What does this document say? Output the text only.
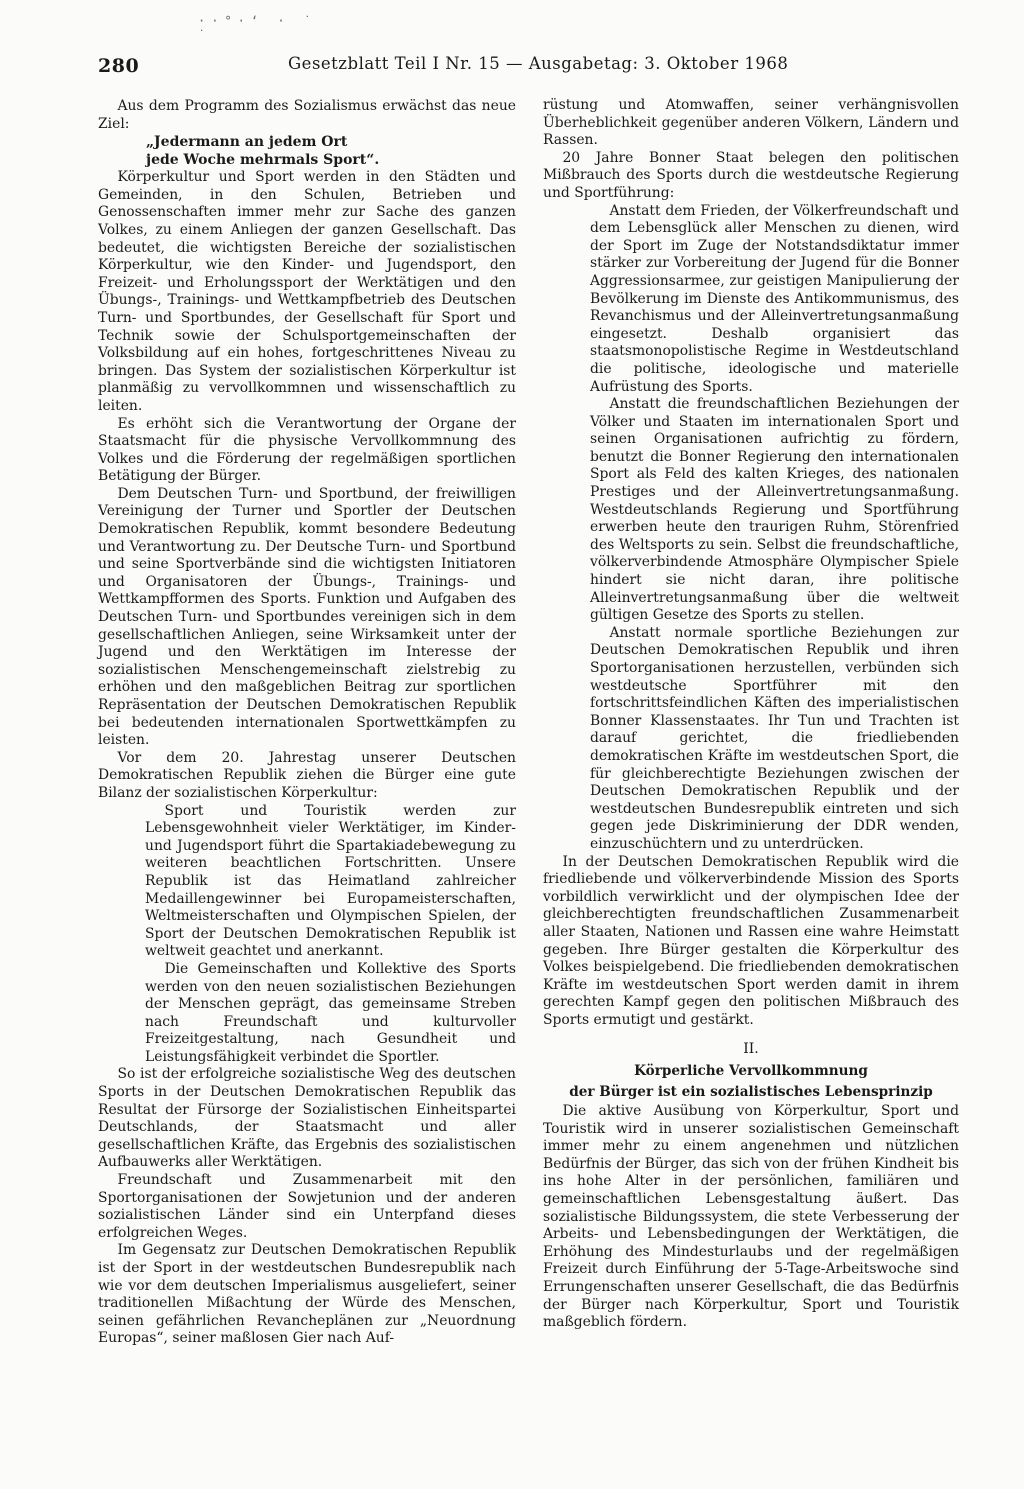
··°·‘ · ˙ ˙
280	Gesetzblatt Teil I Nr. 15 — Ausgabetag: 3. Oktober 1968

Aus dem Programm des Sozialismus erwächst das neue Ziel:

„Jedermann an jedem Ort

jede Woche mehrmals Sport“.

Körperkultur und Sport werden in den Städten und Gemeinden, in den Schulen, Betrieben und Genossenschaften immer mehr zur Sache des ganzen Volkes, zu einem Anliegen der ganzen Gesellschaft. Das bedeutet, die wichtigsten Bereiche der sozialistischen Körperkultur, wie den Kinder- und Jugendsport, den Freizeit- und Erholungssport der Werktätigen und den Übungs-, Trainings- und Wettkampfbetrieb des Deutschen Turn- und Sportbundes, der Gesellschaft für Sport und Technik sowie der Schulsportgemeinschaften der Volksbildung auf ein hohes, fortgeschrittenes Niveau zu bringen. Das System der sozialistischen Körperkultur ist planmäßig zu vervollkommnen und wissenschaftlich zu leiten.

Es erhöht sich die Verantwortung der Organe der Staatsmacht für die physische Vervollkommnung des Volkes und die Förderung der regelmäßigen sportlichen Betätigung der Bürger.

Dem Deutschen Turn- und Sportbund, der freiwilligen Vereinigung der Turner und Sportler der Deutschen Demokratischen Republik, kommt besondere Bedeutung und Verantwortung zu. Der Deutsche Turn- und Sportbund und seine Sportverbände sind die wichtigsten Initiatoren und Organisatoren der Übungs-, Trainings- und Wettkampfformen des Sports. Funktion und Aufgaben des Deutschen Turn- und Sportbundes vereinigen sich in dem gesellschaftlichen Anliegen, seine Wirksamkeit unter der Jugend und den Werktätigen im Interesse der sozialistischen Menschengemeinschaft zielstrebig zu erhöhen und den maßgeblichen Beitrag zur sportlichen Repräsentation der Deutschen Demokratischen Republik bei bedeutenden internationalen Sportwettkämpfen zu leisten.

Vor dem 20. Jahrestag unserer Deutschen Demokratischen Republik ziehen die Bürger eine gute Bilanz der sozialistischen Körperkultur:

Sport und Touristik werden zur Lebensgewohnheit vieler Werktätiger, im Kinder- und Jugendsport führt die Spartakiadebewegung zu weiteren beachtlichen Fortschritten. Unsere Republik ist das Heimatland zahlreicher Medaillengewinner bei Europameisterschaften, Weltmeisterschaften und Olympischen Spielen, der Sport der Deutschen Demokratischen Republik ist weltweit geachtet und anerkannt.

Die Gemeinschaften und Kollektive des Sports werden von den neuen sozialistischen Beziehungen der Menschen geprägt, das gemeinsame Streben nach Freundschaft und kulturvoller Freizeitgestaltung, nach Gesundheit und Leistungsfähigkeit verbindet die Sportler.

So ist der erfolgreiche sozialistische Weg des deutschen Sports in der Deutschen Demokratischen Republik das Resultat der Fürsorge der Sozialistischen Einheitspartei Deutschlands, der Staatsmacht und aller gesellschaftlichen Kräfte, das Ergebnis des sozialistischen Aufbauwerks aller Werktätigen.

Freundschaft und Zusammenarbeit mit den Sportorganisationen der Sowjetunion und der anderen sozialistischen Länder sind ein Unterpfand dieses erfolgreichen Weges.

Im Gegensatz zur Deutschen Demokratischen Republik ist der Sport in der westdeutschen Bundesrepublik nach wie vor dem deutschen Imperialismus ausgeliefert, seiner traditionellen Mißachtung der Würde des Menschen, seinen gefährlichen Revancheplänen zur „Neuordnung Europas“, seiner maßlosen Gier nach Auf-

rüstung und Atomwaffen, seiner verhängnisvollen Überheblichkeit gegenüber anderen Völkern, Ländern und Rassen.

20 Jahre Bonner Staat belegen den politischen Mißbrauch des Sports durch die westdeutsche Regierung und Sportführung:

Anstatt dem Frieden, der Völkerfreundschaft und dem Lebensglück aller Menschen zu dienen, wird der Sport im Zuge der Notstandsdiktatur immer stärker zur Vorbereitung der Jugend für die Bonner Aggressionsarmee, zur geistigen Manipulierung der Bevölkerung im Dienste des Antikommunismus, des Revanchismus und der Alleinvertretungsanmaßung eingesetzt. Deshalb organisiert das staatsmonopolistische Regime in Westdeutschland die politische, ideologische und materielle Aufrüstung des Sports.

Anstatt die freundschaftlichen Beziehungen der Völker und Staaten im internationalen Sport und seinen Organisationen aufrichtig zu fördern, benutzt die Bonner Regierung den internationalen Sport als Feld des kalten Krieges, des nationalen Prestiges und der Alleinvertretungsanmaßung. Westdeutschlands Regierung und Sportführung erwerben heute den traurigen Ruhm, Störenfried des Weltsports zu sein. Selbst die freundschaftliche, völkerverbindende Atmosphäre Olympischer Spiele hindert sie nicht daran, ihre politische Alleinvertretungsanmaßung über die weltweit gültigen Gesetze des Sports zu stellen.

Anstatt normale sportliche Beziehungen zur Deutschen Demokratischen Republik und ihren Sportorganisationen herzustellen, verbünden sich westdeutsche Sportführer mit den fortschrittsfeindlichen Käften des imperialistischen Bonner Klassenstaates. Ihr Tun und Trachten ist darauf gerichtet, die friedliebenden demokratischen Kräfte im westdeutschen Sport, die für gleichberechtigte Beziehungen zwischen der Deutschen Demokratischen Republik und der westdeutschen Bundesrepublik eintreten und sich gegen jede Diskriminierung der DDR wenden, einzuschüchtern und zu unterdrücken.

In der Deutschen Demokratischen Republik wird die friedliebende und völkerverbindende Mission des Sports vorbildlich verwirklicht und der olympischen Idee der gleichberechtigten freundschaftlichen Zusammenarbeit aller Staaten, Nationen und Rassen eine wahre Heimstatt gegeben. Ihre Bürger gestalten die Körperkultur des Volkes beispielgebend. Die friedliebenden demokratischen Kräfte im westdeutschen Sport werden damit in ihrem gerechten Kampf gegen den politischen Mißbrauch des Sports ermutigt und gestärkt.

II.

Körperliche Vervollkommnung

der Bürger ist ein sozialistisches Lebensprinzip

Die aktive Ausübung von Körperkultur, Sport und Touristik wird in unserer sozialistischen Gemeinschaft immer mehr zu einem angenehmen und nützlichen Bedürfnis der Bürger, das sich von der frühen Kindheit bis ins hohe Alter in der persönlichen, familiären und gemeinschaftlichen Lebensgestaltung äußert. Das sozialistische Bildungssystem, die stete Verbesserung der Arbeits- und Lebensbedingungen der Werktätigen, die Erhöhung des Mindesturlaubs und der regelmäßigen Freizeit durch Einführung der 5-Tage-Arbeitswoche sind Errungenschaften unserer Gesellschaft, die das Bedürfnis der Bürger nach Körperkultur, Sport und Touristik maßgeblich fördern.
